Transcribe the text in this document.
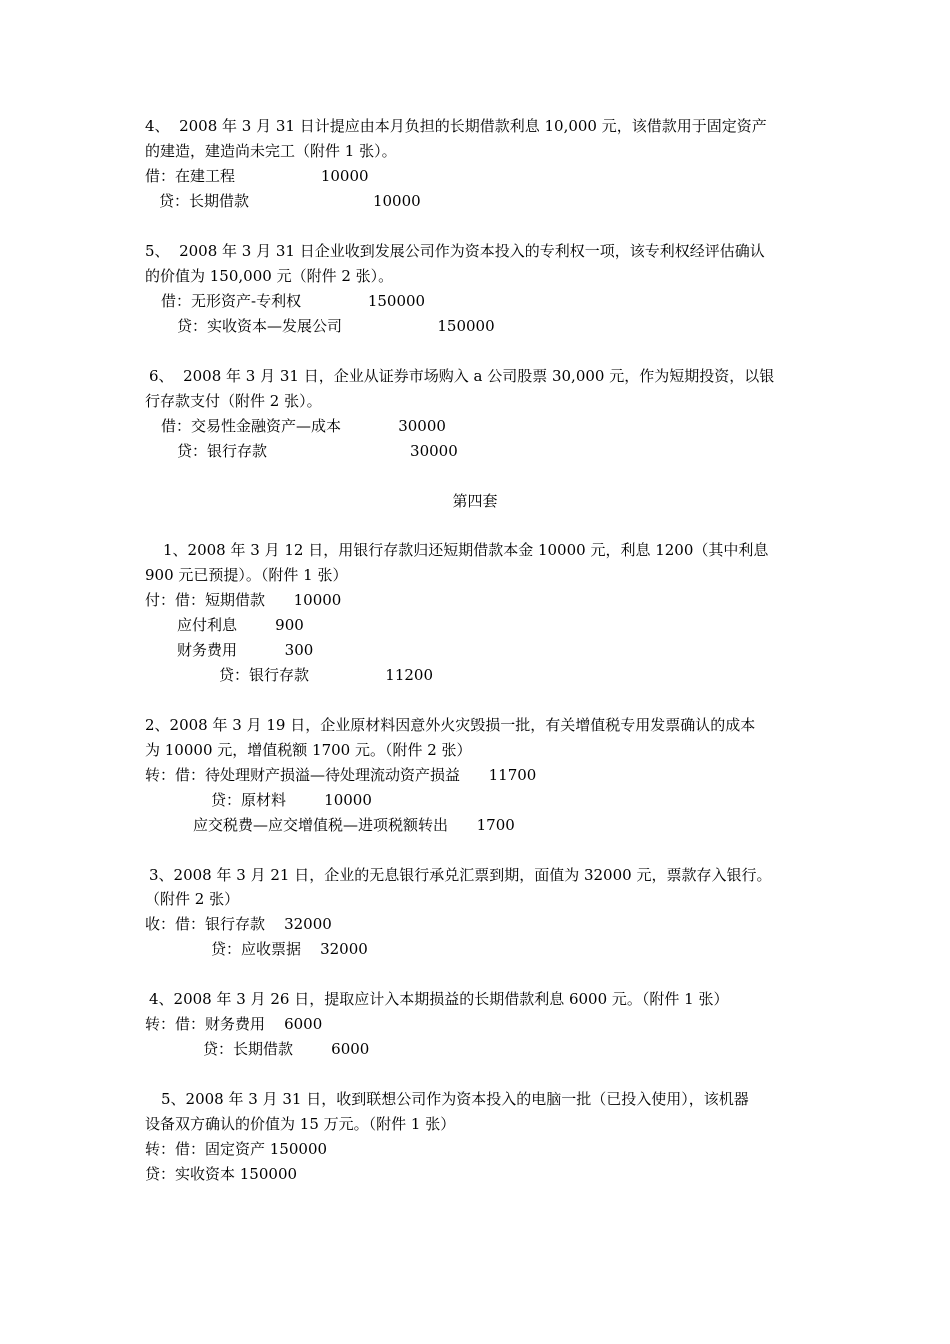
4、  2008 年 3 月 31 日计提应由本月负担的长期借款利息 10,000 元，该借款用于固定资产
的建造，建造尚未完工（附件 1 张）。
借：在建工程                  10000
贷：长期借款                          10000
5、  2008 年 3 月 31 日企业收到发展公司作为资本投入的专利权一项，该专利权经评估确认
的价值为 150,000 元（附件 2 张）。
借：无形资产-专利权              150000
贷：实收资本—发展公司                    150000
6、  2008 年 3 月 31 日，企业从证券市场购入 a 公司股票 30,000 元，作为短期投资，以银
行存款支付（附件 2 张）。
借：交易性金融资产—成本            30000
贷：银行存款                              30000
第四套
1、2008 年 3 月 12 日，用银行存款归还短期借款本金 10000 元，利息 1200（其中利息
900 元已预提）。（附件 1 张）
付：借：短期借款      10000
应付利息        900
财务费用          300
贷：银行存款                11200
2、2008 年 3 月 19 日，企业原材料因意外火灾毁损一批，有关增值税专用发票确认的成本
为 10000 元，增值税额 1700 元。（附件 2 张）
转：借：待处理财产损溢—待处理流动资产损益      11700
贷：原材料        10000
应交税费—应交增值税—进项税额转出      1700
3、2008 年 3 月 21 日，企业的无息银行承兑汇票到期，面值为 32000 元，票款存入银行。
（附件 2 张）
收：借：银行存款    32000
贷：应收票据    32000
4、2008 年 3 月 26 日，提取应计入本期损益的长期借款利息 6000 元。（附件 1 张）
转：借：财务费用    6000
贷：长期借款        6000
5、2008 年 3 月 31 日，收到联想公司作为资本投入的电脑一批（已投入使用），该机器
设备双方确认的价值为 15 万元。（附件 1 张）
转：借：固定资产 150000
贷：实收资本 150000
